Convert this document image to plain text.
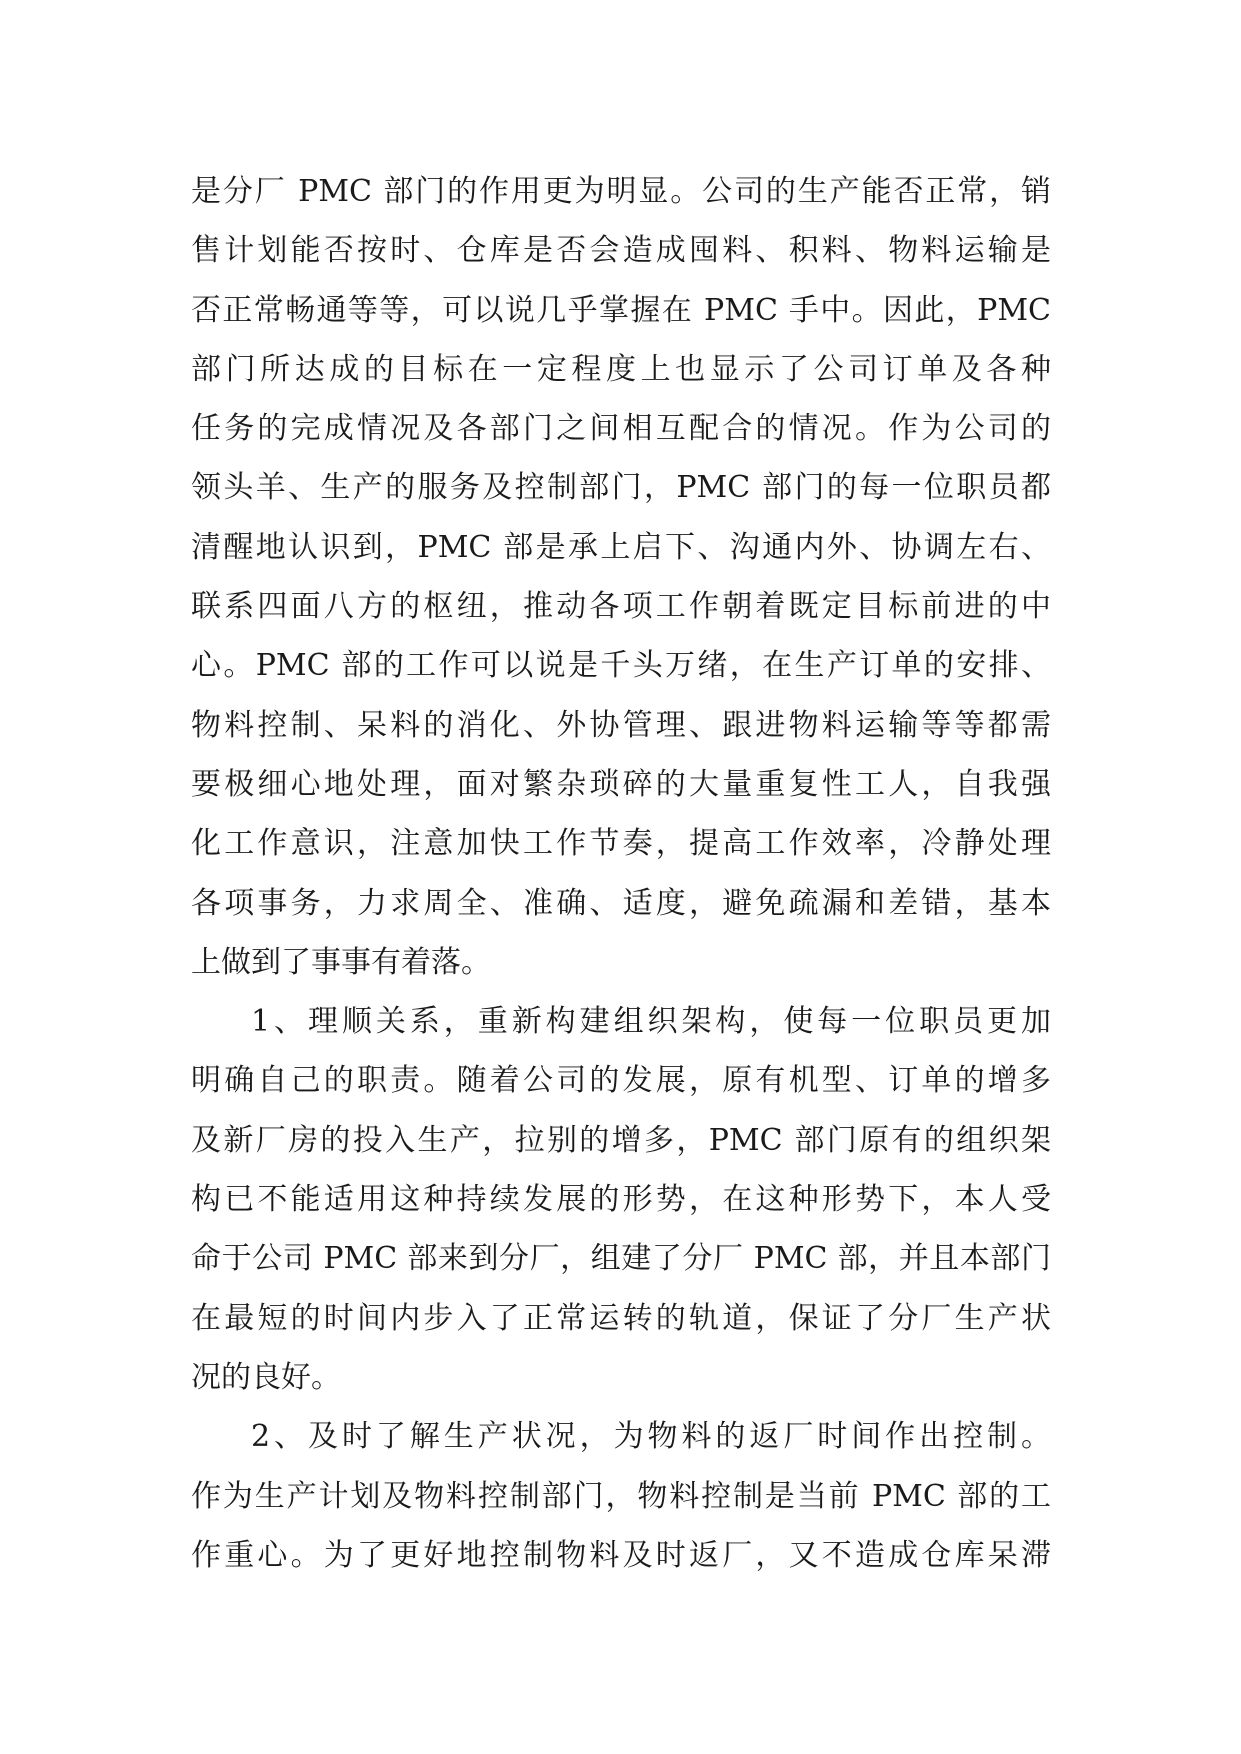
是分厂 PMC 部门的作用更为明显。公司的生产能否正常，销
售计划能否按时、仓库是否会造成囤料、积料、物料运输是
否正常畅通等等，可以说几乎掌握在 PMC 手中。因此，PMC
部门所达成的目标在一定程度上也显示了公司订单及各种
任务的完成情况及各部门之间相互配合的情况。作为公司的
领头羊、生产的服务及控制部门，PMC 部门的每一位职员都
清醒地认识到，PMC 部是承上启下、沟通内外、协调左右、
联系四面八方的枢纽，推动各项工作朝着既定目标前进的中
心。PMC 部的工作可以说是千头万绪，在生产订单的安排、
物料控制、呆料的消化、外协管理、跟进物料运输等等都需
要极细心地处理，面对繁杂琐碎的大量重复性工人，自我强
化工作意识，注意加快工作节奏，提高工作效率，冷静处理
各项事务，力求周全、准确、适度，避免疏漏和差错，基本
上做到了事事有着落。
1、理顺关系，重新构建组织架构，使每一位职员更加
明确自己的职责。随着公司的发展，原有机型、订单的增多
及新厂房的投入生产，拉别的增多，PMC 部门原有的组织架
构已不能适用这种持续发展的形势，在这种形势下，本人受
命于公司 PMC 部来到分厂，组建了分厂 PMC 部，并且本部门
在最短的时间内步入了正常运转的轨道，保证了分厂生产状
况的良好。
2、及时了解生产状况，为物料的返厂时间作出控制。
作为生产计划及物料控制部门，物料控制是当前 PMC 部的工
作重心。为了更好地控制物料及时返厂，又不造成仓库呆滞
